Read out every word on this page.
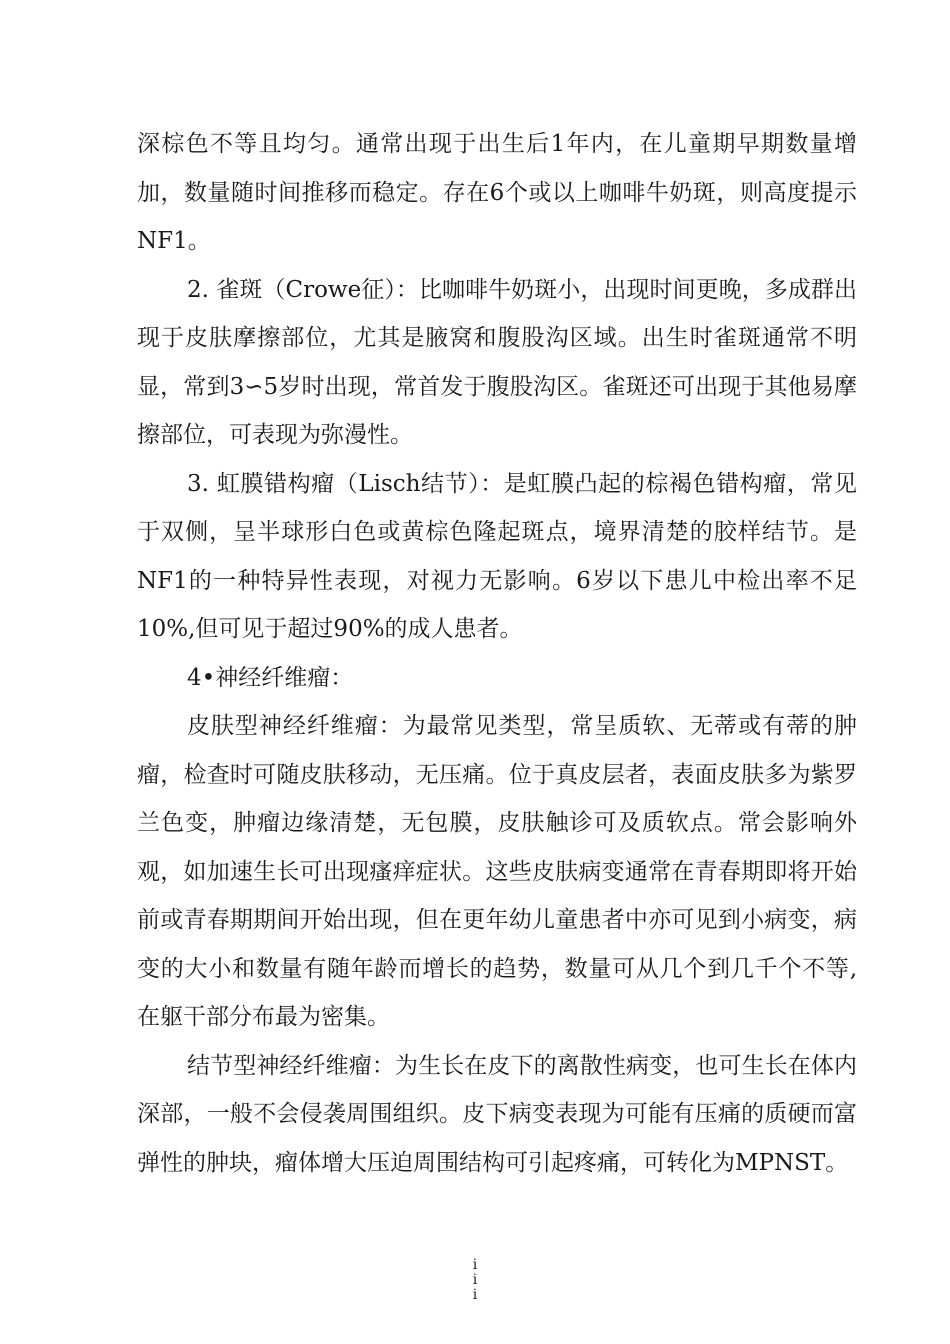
深棕色不等且均匀。通常出现于出生后1年内，在儿童期早期数量增加，数量随时间推移而稳定。存在6个或以上咖啡牛奶斑，则高度提示NF1。

2. 雀斑（Crowe征）：比咖啡牛奶斑小，出现时间更晚，多成群出现于皮肤摩擦部位，尤其是腋窝和腹股沟区域。出生时雀斑通常不明显，常到3∽5岁时出现，常首发于腹股沟区。雀斑还可出现于其他易摩擦部位，可表现为弥漫性。

3. 虹膜错构瘤（Lisch结节）：是虹膜凸起的棕褐色错构瘤，常见于双侧，呈半球形白色或黄棕色隆起斑点，境界清楚的胶样结节。是NF1的一种特异性表现，对视力无影响。6岁以下患儿中检出率不足10%,但可见于超过90%的成人患者。

4•神经纤维瘤：

皮肤型神经纤维瘤：为最常见类型，常呈质软、无蒂或有蒂的肿瘤，检查时可随皮肤移动，无压痛。位于真皮层者，表面皮肤多为紫罗兰色变，肿瘤边缘清楚，无包膜，皮肤触诊可及质软点。常会影响外观，如加速生长可出现瘙痒症状。这些皮肤病变通常在青春期即将开始前或青春期期间开始出现，但在更年幼儿童患者中亦可见到小病变，病变的大小和数量有随年龄而增长的趋势，数量可从几个到几千个不等,在躯干部分布最为密集。

结节型神经纤维瘤：为生长在皮下的离散性病变，也可生长在体内深部，一般不会侵袭周围组织。皮下病变表现为可能有压痛的质硬而富弹性的肿块，瘤体增大压迫周围结构可引起疼痛，可转化为MPNST。

i
i
i
